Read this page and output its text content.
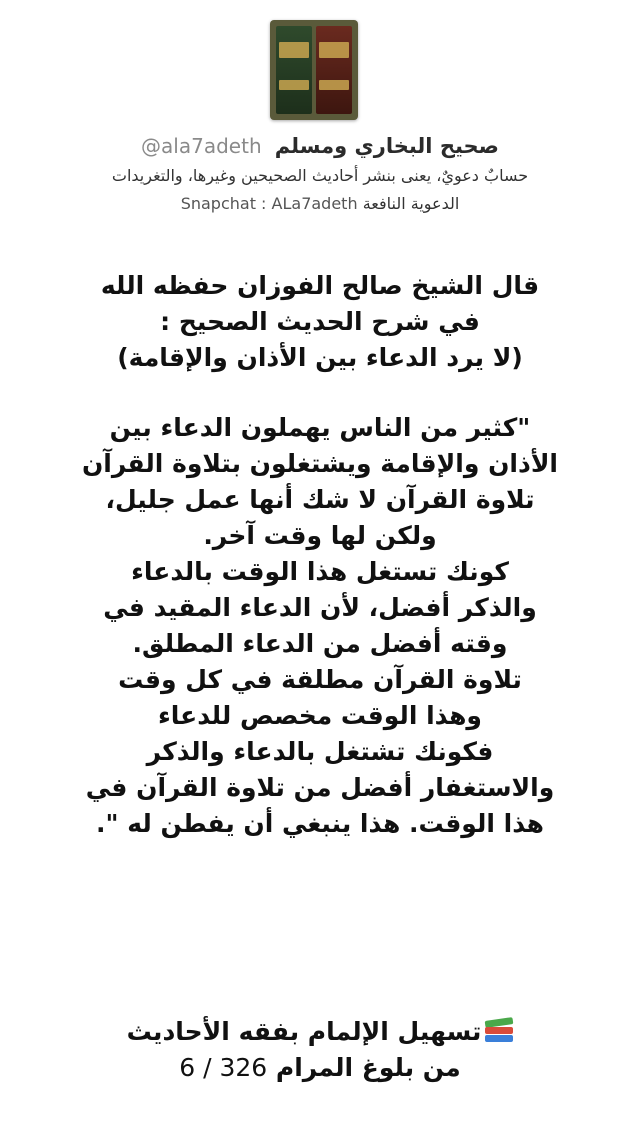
@ala7adeth صحيح البخاري ومسلم
حسابٌ دعويٌ، يعنى بنشر أحاديث الصحيحين وغيرها، والتغريدات
Snapchat : ALa7adeth الدعوية النافعة
قال الشيخ صالح الفوزان حفظه الله
في شرح الحديث الصحيح :
(لا يرد الدعاء بين الأذان والإقامة)
"كثير من الناس يهملون الدعاء بين
الأذان والإقامة ويشتغلون بتلاوة القرآن
تلاوة القرآن لا شك أنها عمل جليل،
ولكن لها وقت آخر.
كونك تستغل هذا الوقت بالدعاء
والذكر أفضل، لأن الدعاء المقيد في
وقته أفضل من الدعاء المطلق.
تلاوة القرآن مطلقة في كل وقت
وهذا الوقت مخصص للدعاء
فكونك تشتغل بالدعاء والذكر
والاستغفار أفضل من تلاوة القرآن في
هذا الوقت. هذا ينبغي أن يفطن له ".
تسهيل الإلمام بفقه الأحاديث
من بلوغ المرام 6 / 326
